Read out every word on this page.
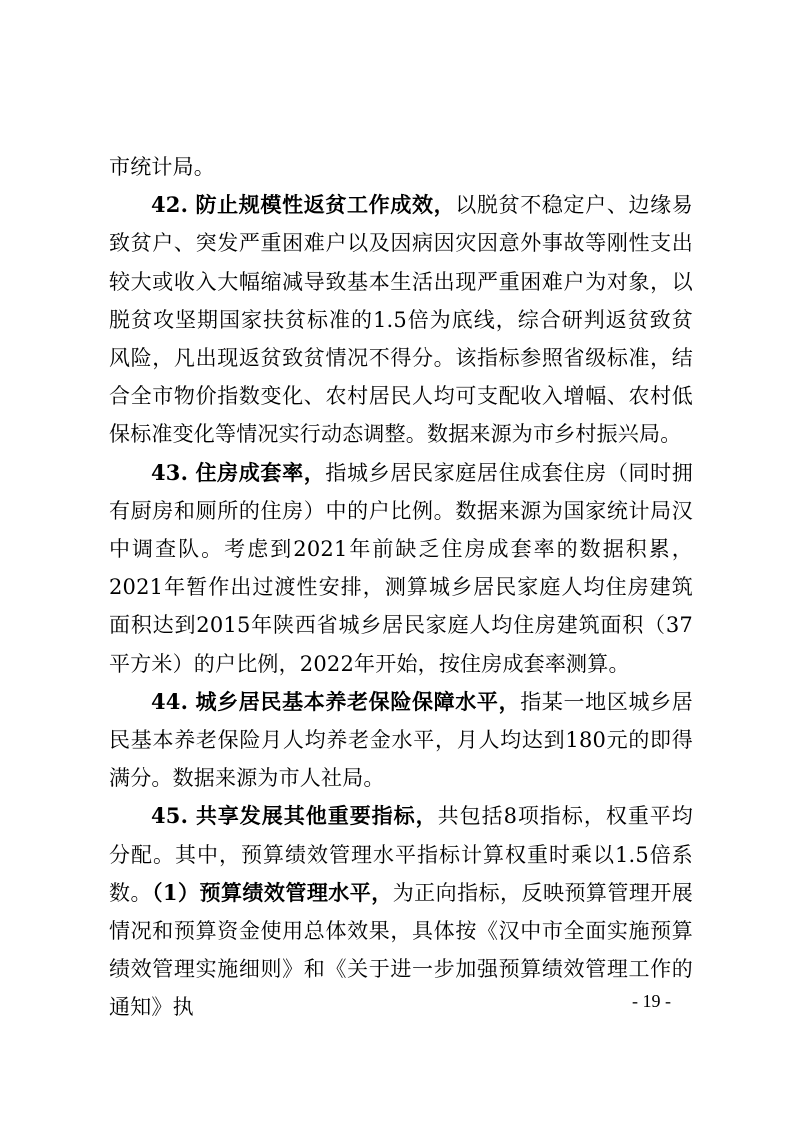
市统计局。

42. 防止规模性返贫工作成效，以脱贫不稳定户、边缘易致贫户、突发严重困难户以及因病因灾因意外事故等刚性支出较大或收入大幅缩减导致基本生活出现严重困难户为对象，以脱贫攻坚期国家扶贫标准的1.5倍为底线，综合研判返贫致贫风险，凡出现返贫致贫情况不得分。该指标参照省级标准，结合全市物价指数变化、农村居民人均可支配收入增幅、农村低保标准变化等情况实行动态调整。数据来源为市乡村振兴局。

43. 住房成套率，指城乡居民家庭居住成套住房（同时拥有厨房和厕所的住房）中的户比例。数据来源为国家统计局汉中调查队。考虑到2021年前缺乏住房成套率的数据积累，2021年暂作出过渡性安排，测算城乡居民家庭人均住房建筑面积达到2015年陕西省城乡居民家庭人均住房建筑面积（37平方米）的户比例，2022年开始，按住房成套率测算。

44. 城乡居民基本养老保险保障水平，指某一地区城乡居民基本养老保险月人均养老金水平，月人均达到180元的即得满分。数据来源为市人社局。

45. 共享发展其他重要指标，共包括8项指标，权重平均分配。其中，预算绩效管理水平指标计算权重时乘以1.5倍系数。（1）预算绩效管理水平，为正向指标，反映预算管理开展情况和预算资金使用总体效果，具体按《汉中市全面实施预算绩效管理实施细则》和《关于进一步加强预算绩效管理工作的通知》执	- 19 -
